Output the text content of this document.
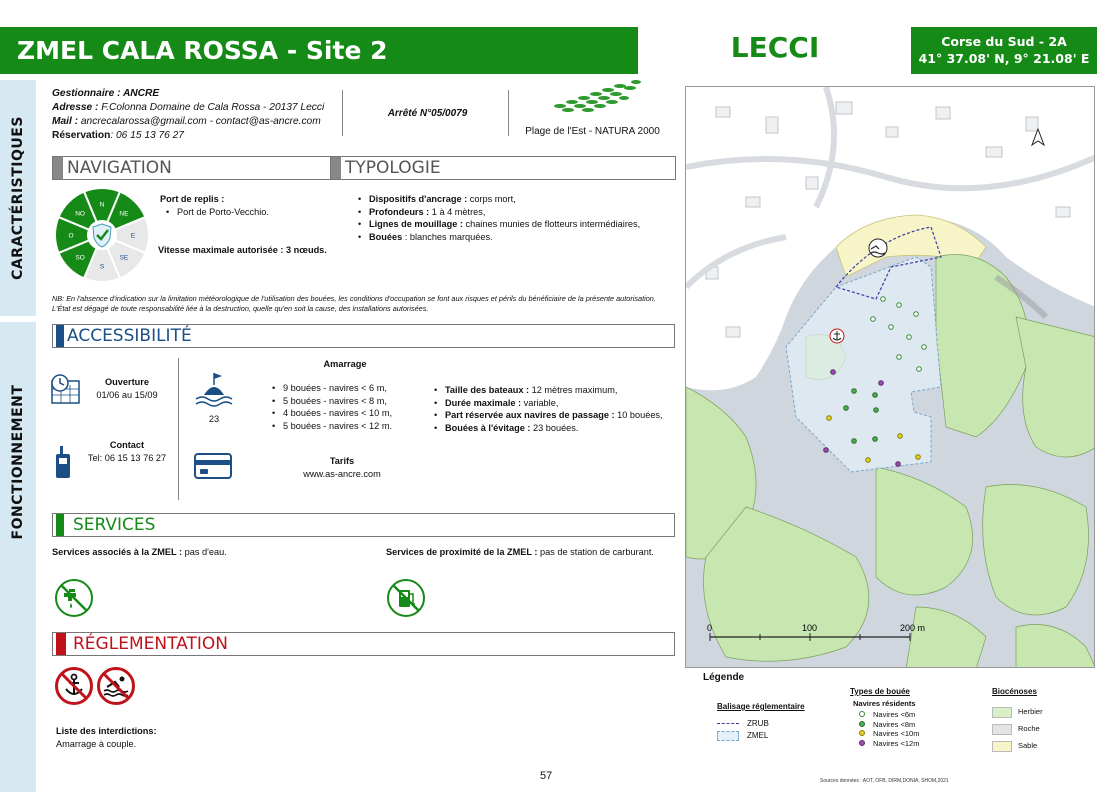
ZMEL CALA ROSSA - Site 2	LECCI	Corse du Sud - 2A
41° 37.08' N, 9° 21.08' E
CARACTÉRISTIQUES
FONCTIONNEMENT
Gestionnaire : ANCRE
Adresse : F.Colonna Domaine de Cala Rossa - 20137 Lecci
Mail : ancrecalarossa@gmail.com - contact@as-ancre.com
Réservation: 06 15 13 76 27
Arrêté N°05/0079
Plage de l'Est - NATURA 2000
NAVIGATION	TYPOLOGIE
N
NE
E
SE
S
SO
O
NO
Port de replis :
• Port de Porto-Vecchio.
Vitesse maximale autorisée : 3 nœuds.
• Dispositifs d'ancrage : corps mort,
• Profondeurs : 1 à 4 mètres,
• Lignes de mouillage : chaines munies de flotteurs intermédiaires,
• Bouées : blanches marquées.
NB: En l'absence d'indication sur la limitation météorologique de l'utilisation des bouées, les conditions d'occupation se font aux risques et périls du bénéficiaire de la présente autorisation. L'État est dégagé de toute responsabilité liée à la destruction, quelle qu'en soit la cause, des installations autorisées.
ACCESSIBILITÉ
Ouverture
01/06 au 15/09
Contact
Tel: 06 15 13 76 27
Amarrage
23
• 9 bouées - navires < 6 m,
• 5 bouées - navires < 8 m,
• 4 bouées - navires < 10 m,
• 5 bouées - navires < 12 m.
• Taille des bateaux : 12 mètres maximum,
• Durée maximale : variable,
• Part réservée aux navires de passage : 10 bouées,
• Bouées à l'évitage : 23 bouées.
Tarifs
www.as-ancre.com
SERVICES
Services associés à la ZMEL : pas d'eau.	Services de proximité de la ZMEL : pas de station de carburant.
RÉGLEMENTATION
Liste des interdictions:
Amarrage à couple.
0	100	200 m
Légende
Balisage réglementaire
ZRUB
ZMEL
Types de bouée
Navires résidents
Navires <6m
Navires <8m
Navires <10m
Navires <12m
Biocénoses
Herbier
Roche
Sable
57	Sources données : AOT, OFB, DIRM,DONIA, SHOM,2021
